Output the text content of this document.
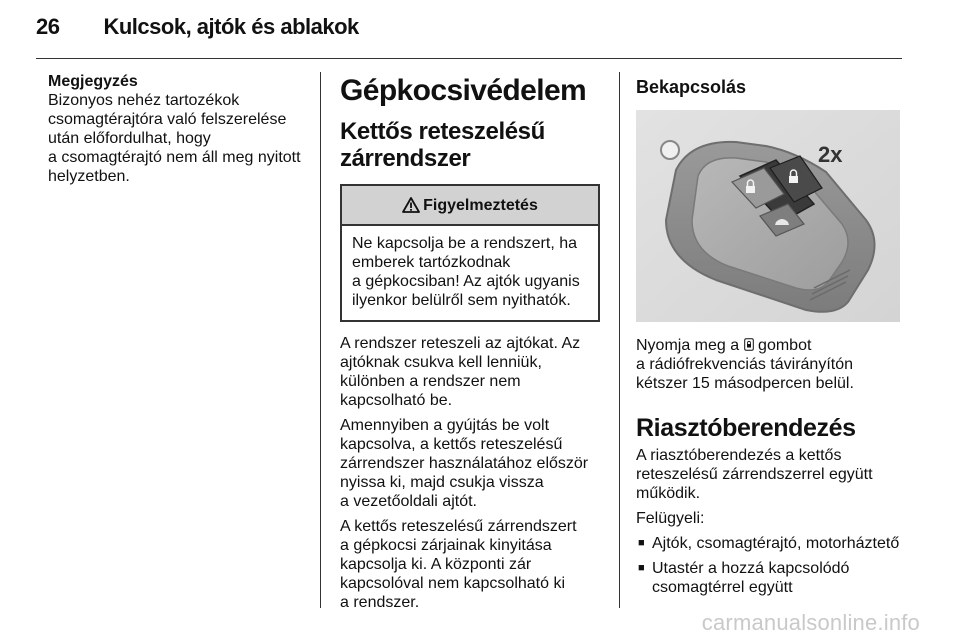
26 Kulcsok, ajtók és ablakok
Megjegyzés
Bizonyos nehéz tartozékok
csomagtérajtóra való felszerelése
után előfordulhat, hogy
a csomagtérajtó nem áll meg nyitott
helyzetben.
Gépkocsivédelem
Kettős reteszelésű
zárrendszer
Figyelmeztetés
Ne kapcsolja be a rendszert, ha
emberek tartózkodnak
a gépkocsiban! Az ajtók ugyanis
ilyenkor belülről sem nyithatók.
A rendszer reteszeli az ajtókat. Az
ajtóknak csukva kell lenniük,
különben a rendszer nem
kapcsolható be.
Amennyiben a gyújtás be volt
kapcsolva, a kettős reteszelésű
zárrendszer használatához először
nyissa ki, majd csukja vissza
a vezetőoldali ajtót.
A kettős reteszelésű zárrendszert
a gépkocsi zárjainak kinyitása
kapcsolja ki. A központi zár
kapcsolóval nem kapcsolható ki
a rendszer.
Bekapcsolás
2x
Nyomja meg a  gombot
a rádiófrekvenciás távirányítón
kétszer 15 másodpercen belül.
Riasztóberendezés
A riasztóberendezés a kettős
reteszelésű zárrendszerrel együtt
működik.
Felügyeli:
■ Ajtók, csomagtérajtó, motorháztető
■ Utastér a hozzá kapcsolódó
csomagtérrel együtt
carmanualsonline.info
